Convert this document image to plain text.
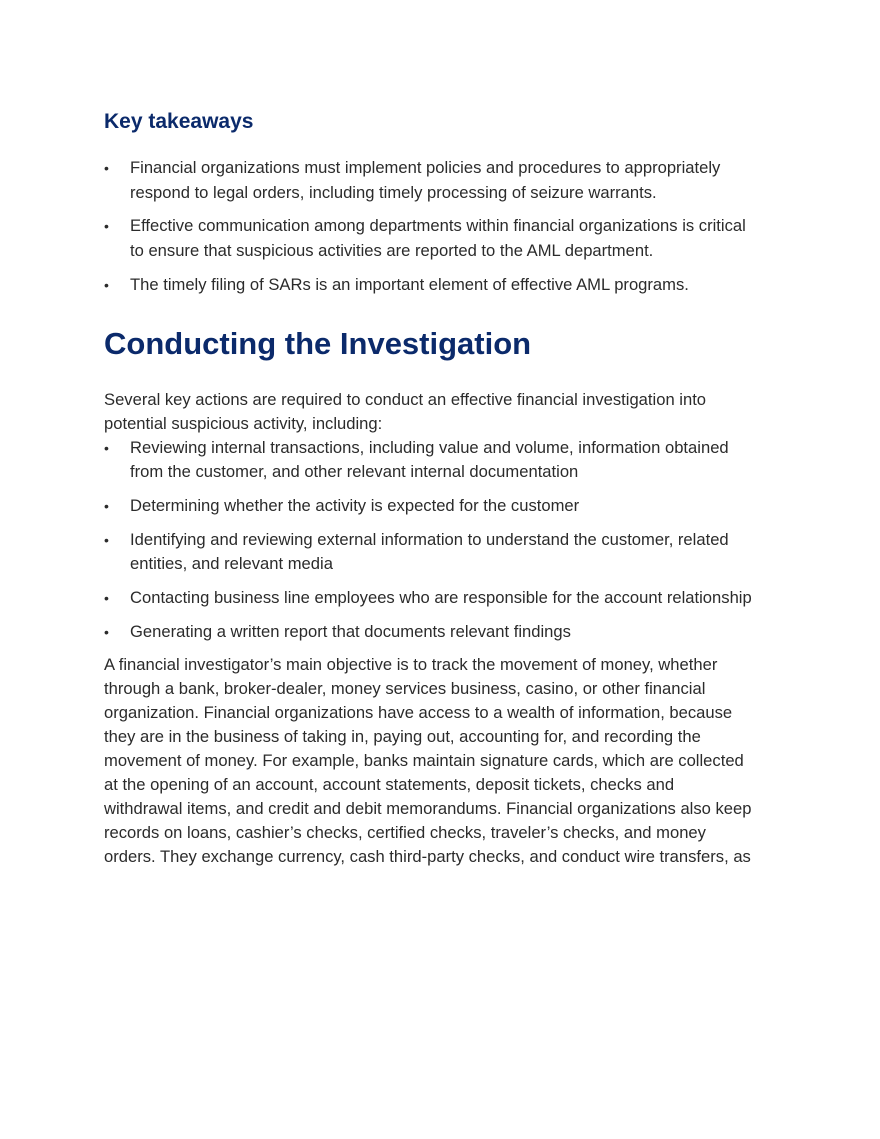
Key takeaways
•	Financial organizations must implement policies and procedures to appropriately respond to legal orders, including timely processing of seizure warrants.
•	Effective communication among departments within financial organizations is critical to ensure that suspicious activities are reported to the AML department.
•	The timely filing of SARs is an important element of effective AML programs.
Conducting the Investigation

Several key actions are required to conduct an effective financial investigation into potential suspicious activity, including:

•	Reviewing internal transactions, including value and volume, information obtained from the customer, and other relevant internal documentation
•	Determining whether the activity is expected for the customer
•	Identifying and reviewing external information to understand the customer, related entities, and relevant media
•	Contacting business line employees who are responsible for the account relationship
•	Generating a written report that documents relevant findings

A financial investigator’s main objective is to track the movement of money, whether through a bank, broker-dealer, money services business, casino, or other financial organization. Financial organizations have access to a wealth of information, because they are in the business of taking in, paying out, accounting for, and recording the movement of money. For example, banks maintain signature cards, which are collected at the opening of an account, account statements, deposit tickets, checks and withdrawal items, and credit and debit memorandums. Financial organizations also keep records on loans, cashier’s checks, certified checks, traveler’s checks, and money orders. They exchange currency, cash third-party checks, and conduct wire transfers, as
